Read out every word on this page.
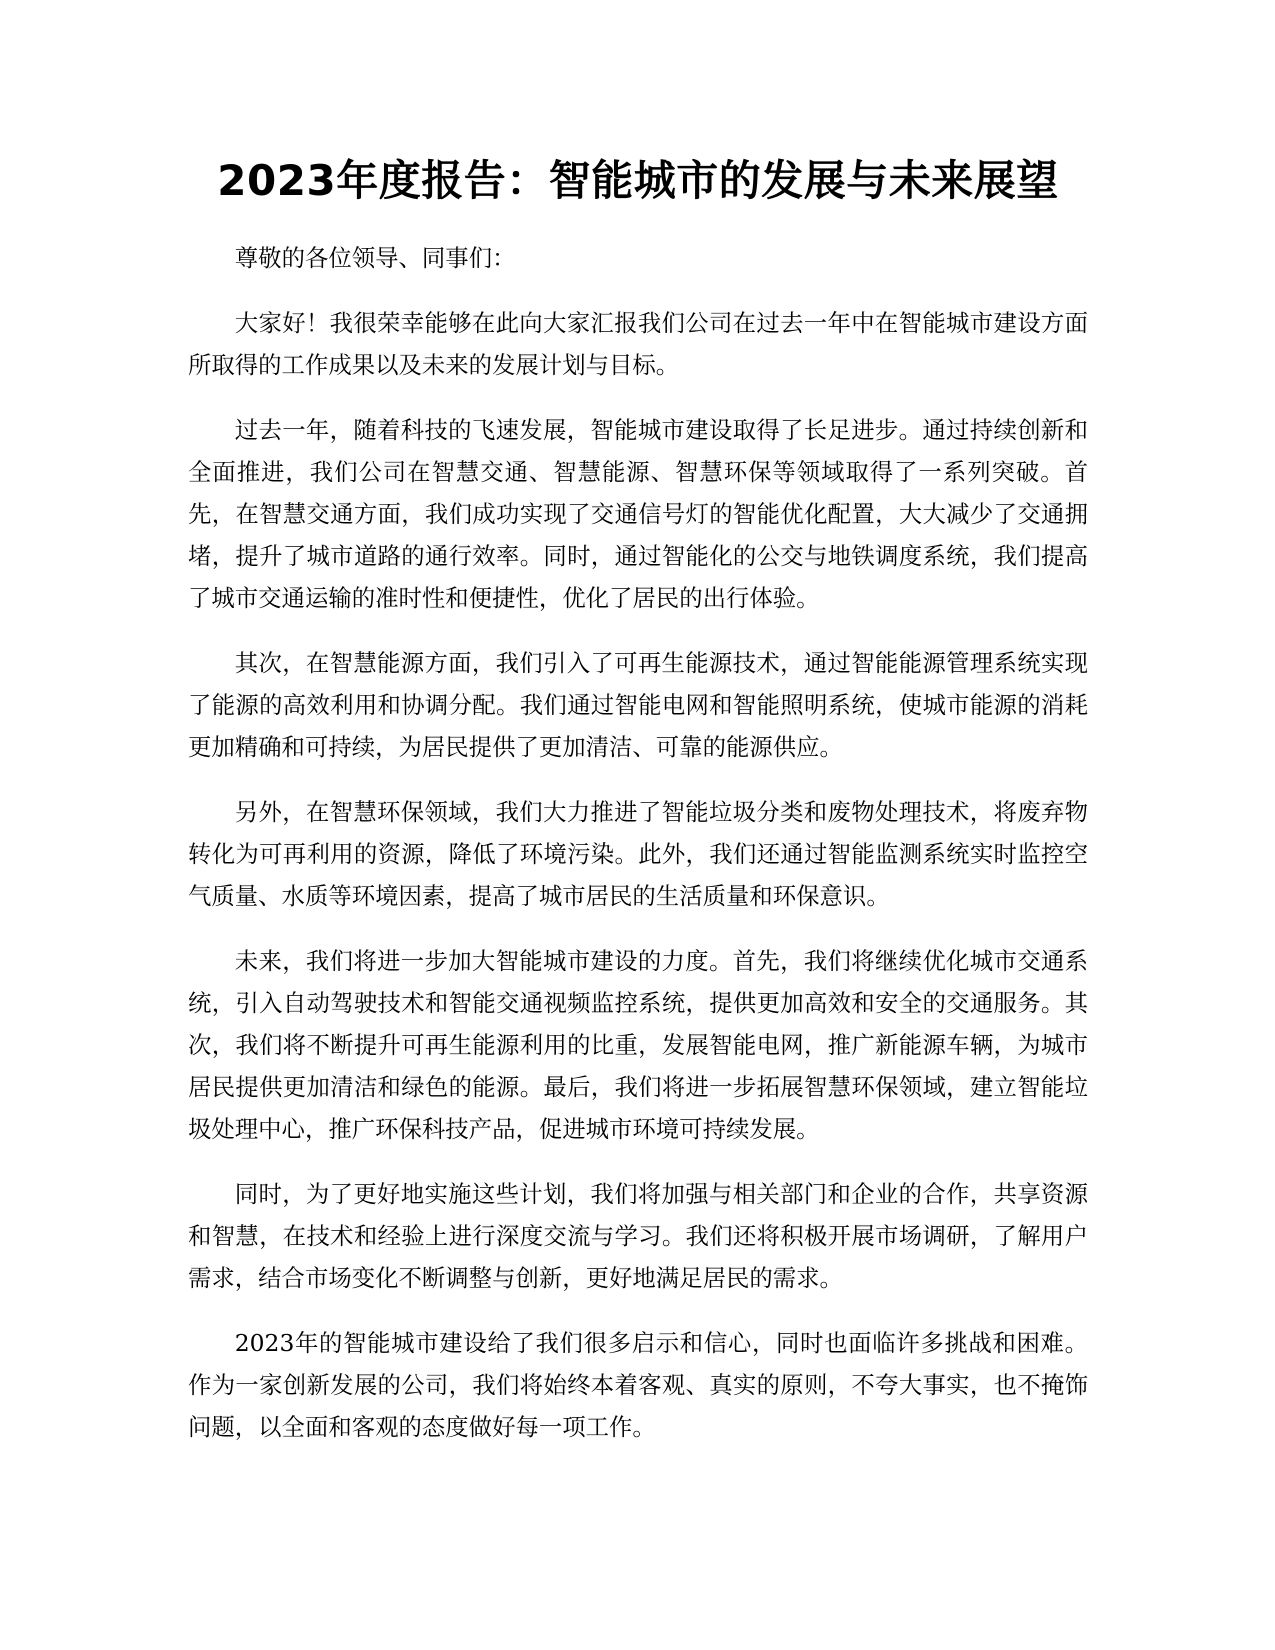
2023年度报告：智能城市的发展与未来展望

尊敬的各位领导、同事们：

大家好！我很荣幸能够在此向大家汇报我们公司在过去一年中在智能城市建设方面所取得的工作成果以及未来的发展计划与目标。

过去一年，随着科技的飞速发展，智能城市建设取得了长足进步。通过持续创新和全面推进，我们公司在智慧交通、智慧能源、智慧环保等领域取得了一系列突破。首先，在智慧交通方面，我们成功实现了交通信号灯的智能优化配置，大大减少了交通拥堵，提升了城市道路的通行效率。同时，通过智能化的公交与地铁调度系统，我们提高了城市交通运输的准时性和便捷性，优化了居民的出行体验。

其次，在智慧能源方面，我们引入了可再生能源技术，通过智能能源管理系统实现了能源的高效利用和协调分配。我们通过智能电网和智能照明系统，使城市能源的消耗更加精确和可持续，为居民提供了更加清洁、可靠的能源供应。

另外，在智慧环保领域，我们大力推进了智能垃圾分类和废物处理技术，将废弃物转化为可再利用的资源，降低了环境污染。此外，我们还通过智能监测系统实时监控空气质量、水质等环境因素，提高了城市居民的生活质量和环保意识。

未来，我们将进一步加大智能城市建设的力度。首先，我们将继续优化城市交通系统，引入自动驾驶技术和智能交通视频监控系统，提供更加高效和安全的交通服务。其次，我们将不断提升可再生能源利用的比重，发展智能电网，推广新能源车辆，为城市居民提供更加清洁和绿色的能源。最后，我们将进一步拓展智慧环保领域，建立智能垃圾处理中心，推广环保科技产品，促进城市环境可持续发展。

同时，为了更好地实施这些计划，我们将加强与相关部门和企业的合作，共享资源和智慧，在技术和经验上进行深度交流与学习。我们还将积极开展市场调研，了解用户需求，结合市场变化不断调整与创新，更好地满足居民的需求。

2023年的智能城市建设给了我们很多启示和信心，同时也面临许多挑战和困难。作为一家创新发展的公司，我们将始终本着客观、真实的原则，不夸大事实，也不掩饰问题，以全面和客观的态度做好每一项工作。
